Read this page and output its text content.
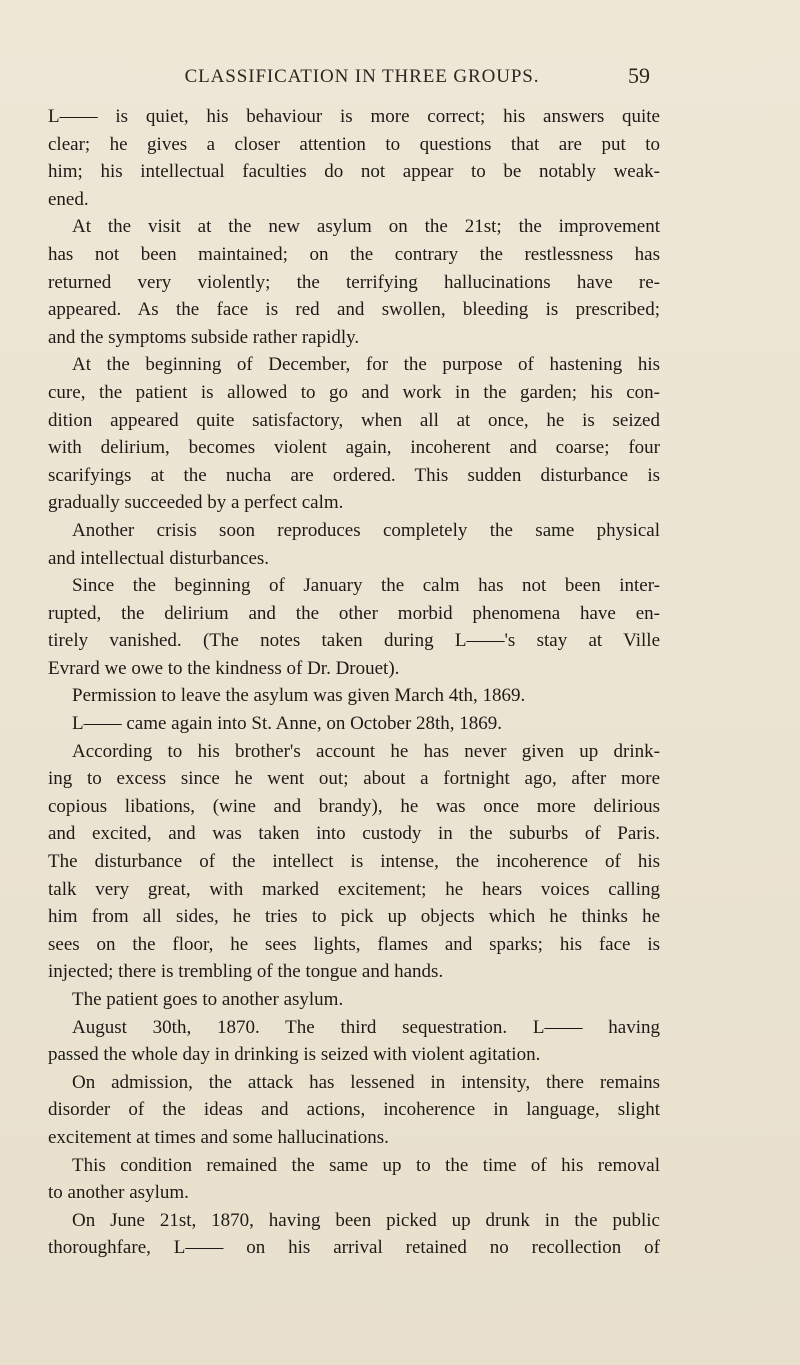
CLASSIFICATION IN THREE GROUPS.	59
L—— is quiet, his behaviour is more correct; his answers quite
clear; he gives a closer attention to questions that are put to
him; his intellectual faculties do not appear to be notably weak-
ened.
At the visit at the new asylum on the 21st; the improvement
has not been maintained; on the contrary the restlessness has
returned very violently; the terrifying hallucinations have re-
appeared. As the face is red and swollen, bleeding is prescribed;
and the symptoms subside rather rapidly.
At the beginning of December, for the purpose of hastening his
cure, the patient is allowed to go and work in the garden; his con-
dition appeared quite satisfactory, when all at once, he is seized
with delirium, becomes violent again, incoherent and coarse; four
scarifyings at the nucha are ordered. This sudden disturbance is
gradually succeeded by a perfect calm.
Another crisis soon reproduces completely the same physical
and intellectual disturbances.
Since the beginning of January the calm has not been inter-
rupted, the delirium and the other morbid phenomena have en-
tirely vanished. (The notes taken during L——'s stay at Ville
Evrard we owe to the kindness of Dr. Drouet).
Permission to leave the asylum was given March 4th, 1869.
L—— came again into St. Anne, on October 28th, 1869.
According to his brother's account he has never given up drink-
ing to excess since he went out; about a fortnight ago, after more
copious libations, (wine and brandy), he was once more delirious
and excited, and was taken into custody in the suburbs of Paris.
The disturbance of the intellect is intense, the incoherence of his
talk very great, with marked excitement; he hears voices calling
him from all sides, he tries to pick up objects which he thinks he
sees on the floor, he sees lights, flames and sparks; his face is
injected; there is trembling of the tongue and hands.
The patient goes to another asylum.
August 30th, 1870. The third sequestration. L—— having
passed the whole day in drinking is seized with violent agitation.
On admission, the attack has lessened in intensity, there remains
disorder of the ideas and actions, incoherence in language, slight
excitement at times and some hallucinations.
This condition remained the same up to the time of his removal
to another asylum.
On June 21st, 1870, having been picked up drunk in the public
thoroughfare, L—— on his arrival retained no recollection of
